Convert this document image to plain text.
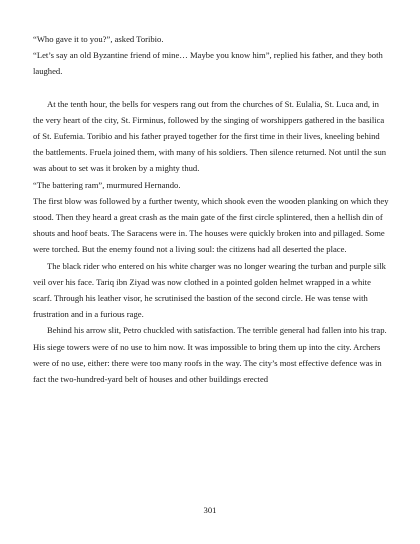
“Who gave it to you?”, asked Toribio.

“Let’s say an old Byzantine friend of mine… Maybe you know him”, replied his father, and they both laughed.

At the tenth hour, the bells for vespers rang out from the churches of St. Eulalia, St. Luca and, in the very heart of the city, St. Firminus, followed by the singing of worshippers gathered in the basilica of St. Eufemia. Toribio and his father prayed together for the first time in their lives, kneeling behind the battlements. Fruela joined them, with many of his soldiers. Then silence returned. Not until the sun was about to set was it broken by a mighty thud.

“The battering ram”, murmured Hernando.

The first blow was followed by a further twenty, which shook even the wooden planking on which they stood. Then they heard a great crash as the main gate of the first circle splintered, then a hellish din of shouts and hoof beats. The Saracens were in. The houses were quickly broken into and pillaged. Some were torched. But the enemy found not a living soul: the citizens had all deserted the place.

The black rider who entered on his white charger was no longer wearing the turban and purple silk veil over his face. Tariq ibn Ziyad was now clothed in a pointed golden helmet wrapped in a white scarf. Through his leather visor, he scrutinised the bastion of the second circle. He was tense with frustration and in a furious rage.

Behind his arrow slit, Petro chuckled with satisfaction. The terrible general had fallen into his trap. His siege towers were of no use to him now. It was impossible to bring them up into the city. Archers were of no use, either: there were too many roofs in the way. The city’s most effective defence was in fact the two-hundred-yard belt of houses and other buildings erected

301
